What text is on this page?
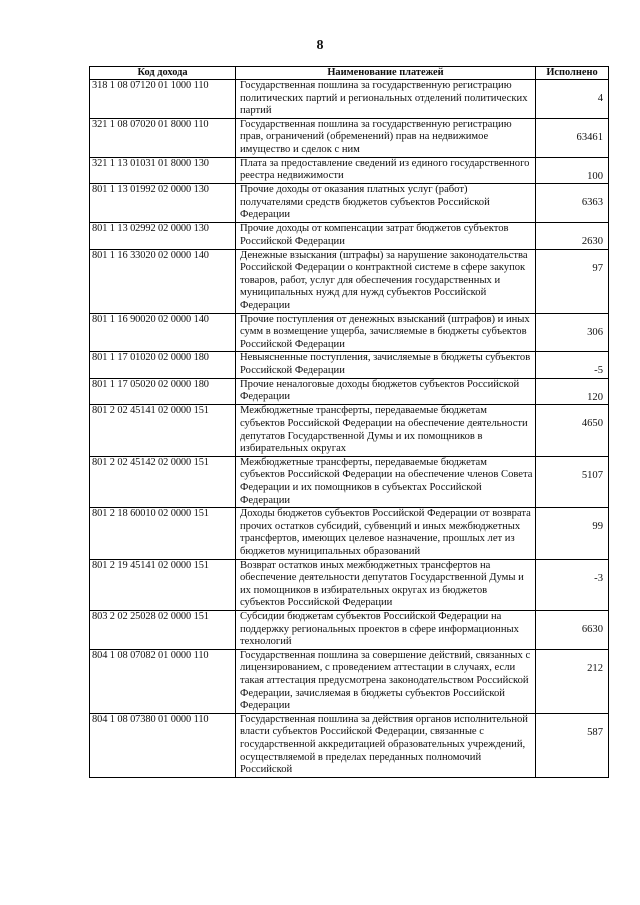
8
Код дохода	Наименование платежей	Исполнено
318 1 08 07120 01 1000 110	Государственная пошлина за государственную регистрацию политических партий и региональных отделений политических партий	4
321 1 08 07020 01 8000 110	Государственная пошлина за государственную регистрацию прав, ограничений (обременений) прав на недвижимое имущество и сделок с ним	63461
321 1 13 01031 01 8000 130	Плата за предоставление сведений из единого государственного реестра недвижимости	100
801 1 13 01992 02 0000 130	Прочие доходы от оказания платных услуг (работ) получателями средств бюджетов субъектов Российской Федерации	6363
801 1 13 02992 02 0000 130	Прочие доходы от компенсации затрат бюджетов субъектов Российской Федерации	2630
801 1 16 33020 02 0000 140	Денежные взыскания (штрафы) за нарушение законодательства Российской Федерации о контрактной системе в сфере закупок товаров, работ, услуг для обеспечения государственных и муниципальных нужд для нужд субъектов Российской Федерации	97
801 1 16 90020 02 0000 140	Прочие поступления от денежных взысканий (штрафов) и иных сумм в возмещение ущерба, зачисляемые в бюджеты субъектов Российской Федерации	306
801 1 17 01020 02 0000 180	Невыясненные поступления, зачисляемые в бюджеты субъектов Российской Федерации	-5
801 1 17 05020 02 0000 180	Прочие неналоговые доходы бюджетов субъектов Российской Федерации	120
801 2 02 45141 02 0000 151	Межбюджетные трансферты, передаваемые бюджетам субъектов Российской Федерации на обеспечение деятельности депутатов Государственной Думы и их помощников в избирательных округах	4650
801 2 02 45142 02 0000 151	Межбюджетные трансферты, передаваемые бюджетам субъектов Российской Федерации на обеспечение членов Совета Федерации и их помощников в субъектах Российской Федерации	5107
801 2 18 60010 02 0000 151	Доходы бюджетов субъектов Российской Федерации от возврата прочих остатков субсидий, субвенций и иных межбюджетных трансфертов, имеющих целевое назначение, прошлых лет из бюджетов муниципальных образований	99
801 2 19 45141 02 0000 151	Возврат остатков иных межбюджетных трансфертов на обеспечение деятельности депутатов Государственной Думы и их помощников в избирательных округах из бюджетов субъектов Российской Федерации	-3
803 2 02 25028 02 0000 151	Субсидии бюджетам субъектов Российской Федерации на поддержку региональных проектов в сфере информационных технологий	6630
804 1 08 07082 01 0000 110	Государственная пошлина за совершение действий, связанных с лицензированием, с проведением аттестации в случаях, если такая аттестация предусмотрена законодательством Российской Федерации, зачисляемая в бюджеты субъектов Российской Федерации	212
804 1 08 07380 01 0000 110	Государственная пошлина за действия органов исполнительной власти субъектов Российской Федерации, связанные с государственной аккредитацией образовательных учреждений, осуществляемой в пределах переданных полномочий Российской	587
